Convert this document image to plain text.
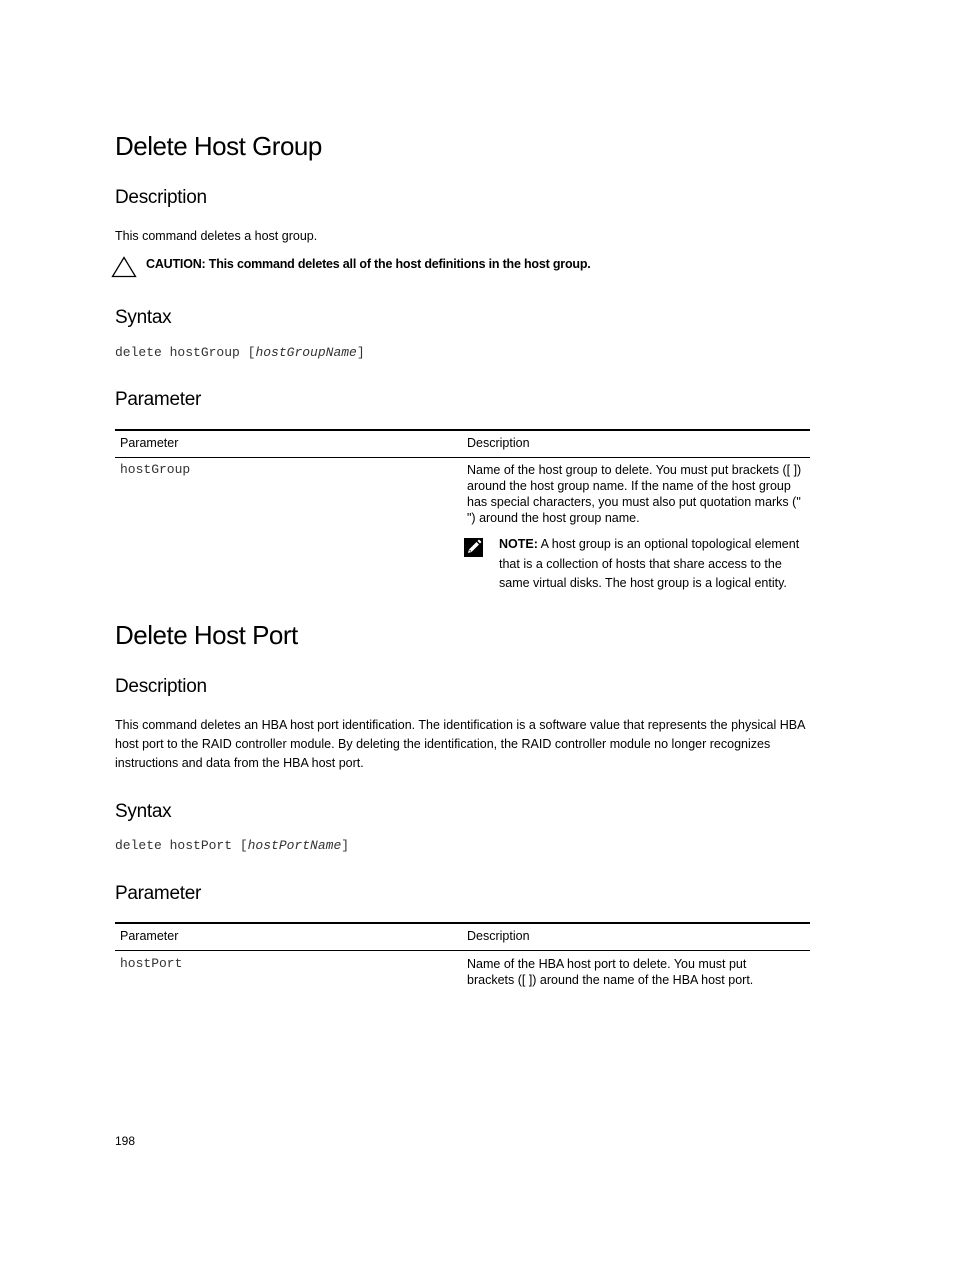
Delete Host Group
Description
This command deletes a host group.
CAUTION: This command deletes all of the host definitions in the host group.
Syntax
delete hostGroup [hostGroupName]
Parameter
Parameter	Description
hostGroup	Name of the host group to delete. You must put brackets ([ ]) around the host group name. If the name of the host group has special characters, you must also put quotation marks (" ") around the host group name.
NOTE: A host group is an optional topological element that is a collection of hosts that share access to the same virtual disks. The host group is a logical entity.
Delete Host Port
Description
This command deletes an HBA host port identification. The identification is a software value that represents the physical HBA host port to the RAID controller module. By deleting the identification, the RAID controller module no longer recognizes instructions and data from the HBA host port.
Syntax
delete hostPort [hostPortName]
Parameter
Parameter	Description
hostPort	Name of the HBA host port to delete. You must put brackets ([ ]) around the name of the HBA host port.
198
